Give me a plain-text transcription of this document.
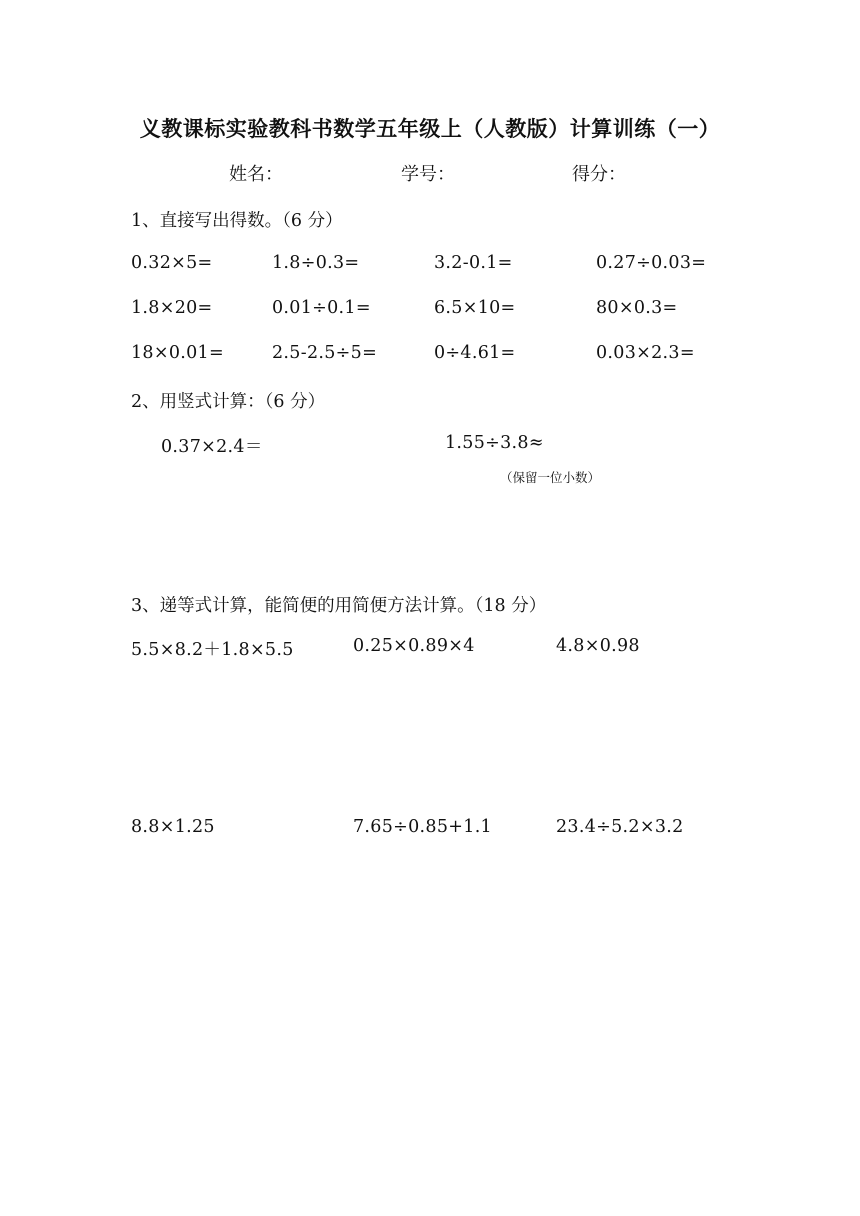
义教课标实验教科书数学五年级上（人教版）计算训练（一）
姓名：	学号：	得分：
1、直接写出得数。（6 分）
0.32×5=	1.8÷0.3=	3.2-0.1=	0.27÷0.03=
1.8×20=	0.01÷0.1=	6.5×10=	80×0.3=
18×0.01=	2.5-2.5÷5=	0÷4.61=	0.03×2.3=
2、用竖式计算：（6 分）
0.37×2.4＝	1.55÷3.8≈
（保留一位小数）
3、递等式计算，能简便的用简便方法计算。（18 分）
5.5×8.2＋1.8×5.5	0.25×0.89×4	4.8×0.98
8.8×1.25	7.65÷0.85+1.1	23.4÷5.2×3.2
